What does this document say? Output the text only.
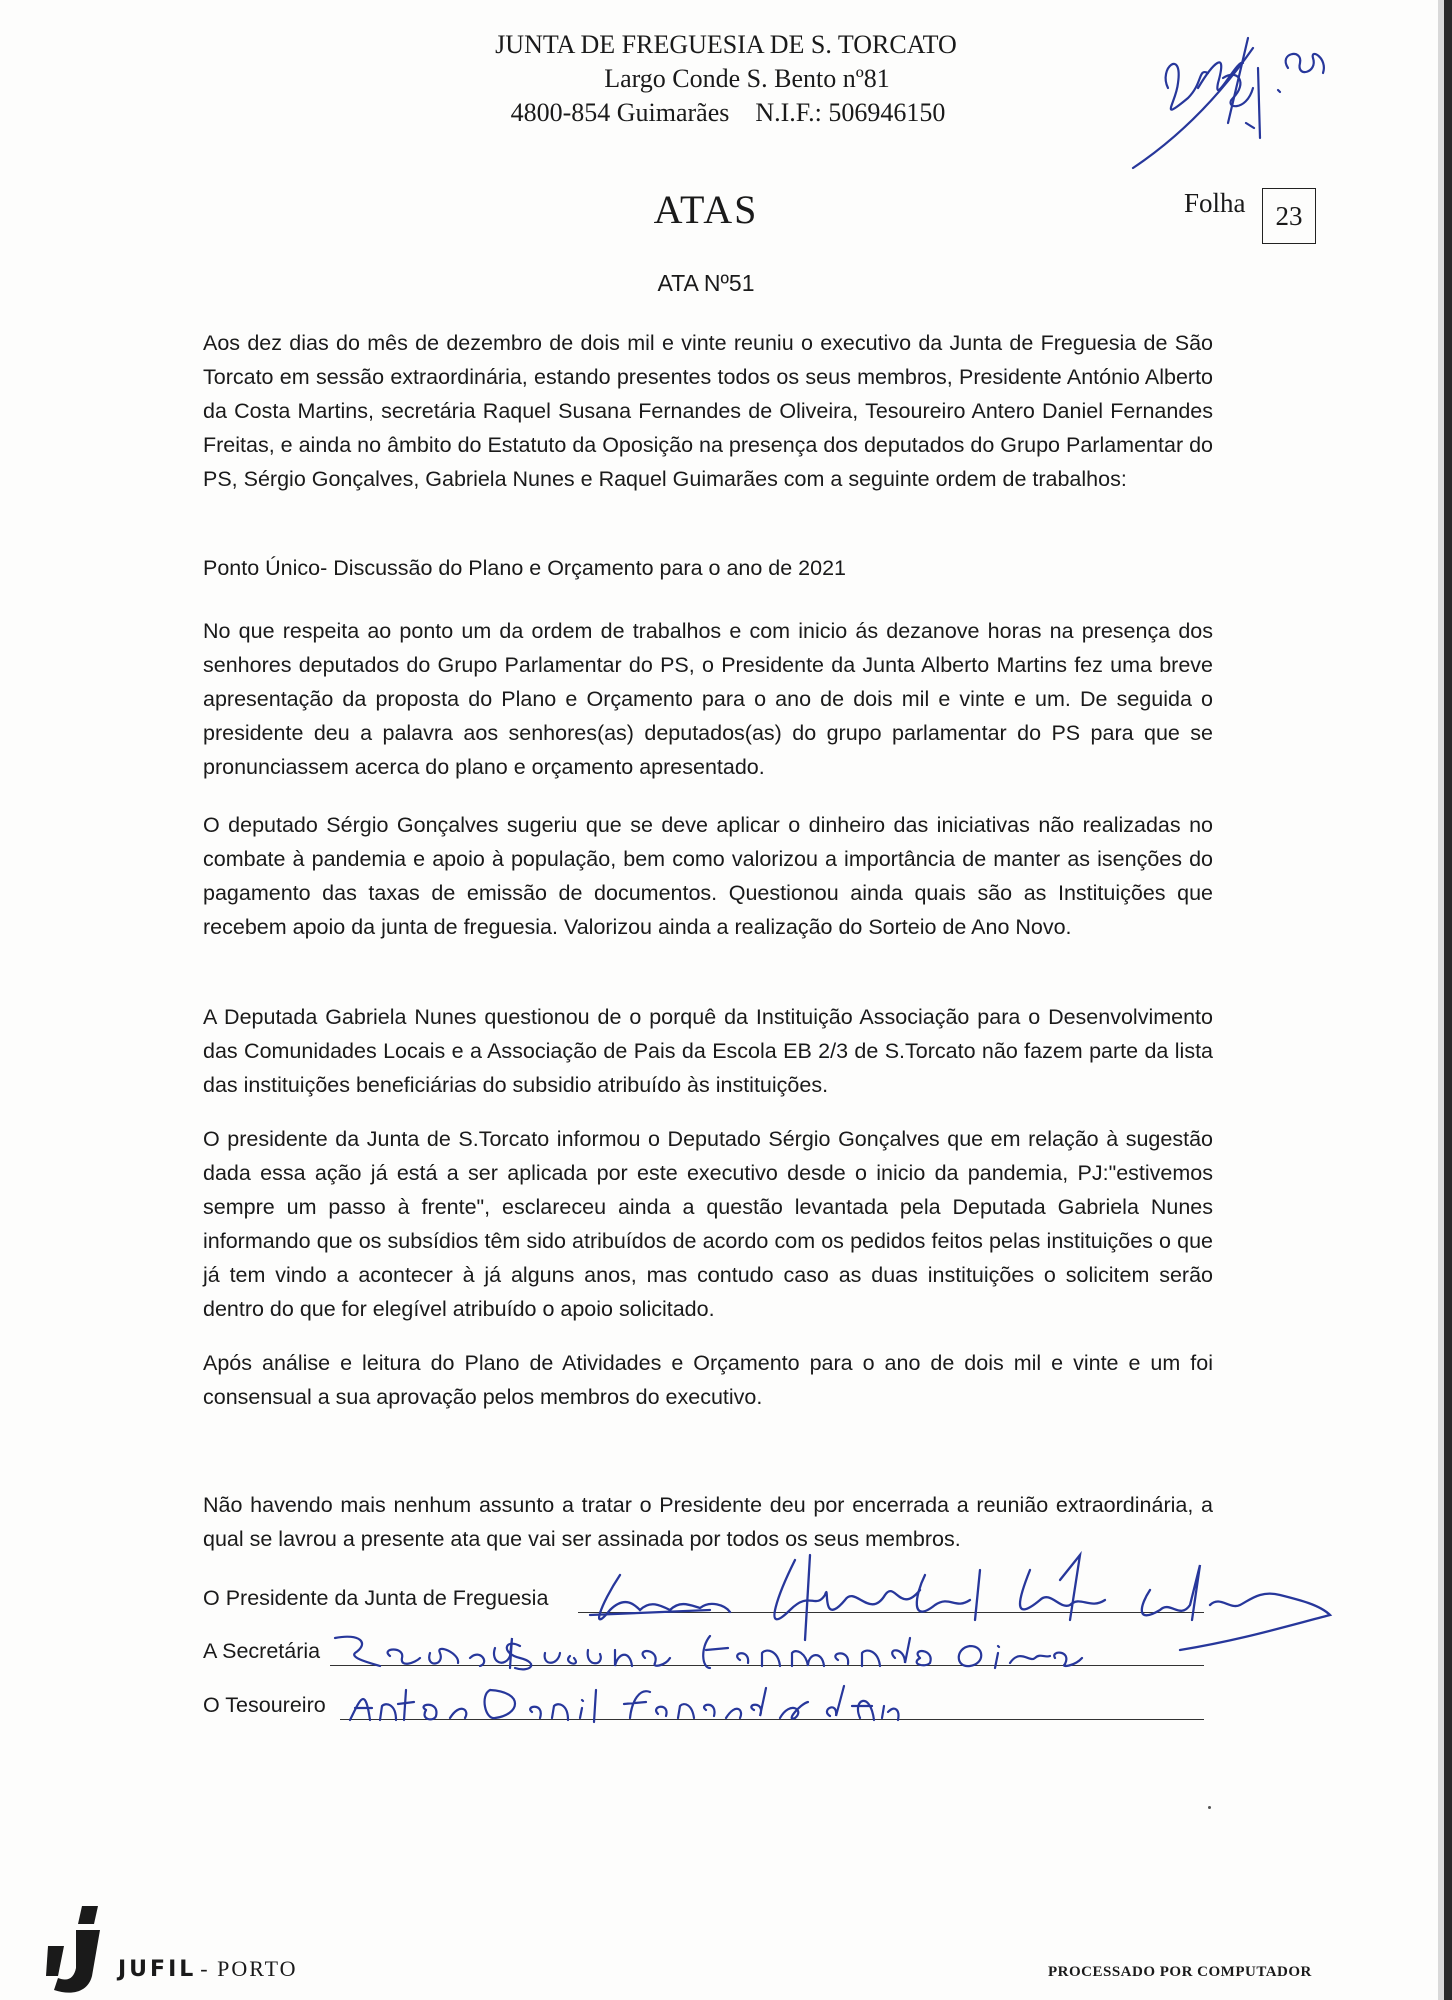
JUNTA DE FREGUESIA DE S. TORCATO
Largo Conde S. Bento nº81
4800-854 Guimarães N.I.F.: 506946150
ATAS	Folha	23
ATA Nº51

Aos dez dias do mês de dezembro de dois mil e vinte reuniu o executivo da Junta de Freguesia de São Torcato em sessão extraordinária, estando presentes todos os seus membros, Presidente António Alberto da Costa Martins, secretária Raquel Susana Fernandes de Oliveira, Tesoureiro Antero Daniel Fernandes Freitas, e ainda no âmbito do Estatuto da Oposição na presença dos deputados do Grupo Parlamentar do PS, Sérgio Gonçalves, Gabriela Nunes e Raquel Guimarães com a seguinte ordem de trabalhos:

Ponto Único- Discussão do Plano e Orçamento para o ano de 2021

No que respeita ao ponto um da ordem de trabalhos e com inicio ás dezanove horas na presença dos senhores deputados do Grupo Parlamentar do PS, o Presidente da Junta Alberto Martins fez uma breve apresentação da proposta do Plano e Orçamento para o ano de dois mil e vinte e um. De seguida o presidente deu a palavra aos senhores(as) deputados(as) do grupo parlamentar do PS para que se pronunciassem acerca do plano e orçamento apresentado.

O deputado Sérgio Gonçalves sugeriu que se deve aplicar o dinheiro das iniciativas não realizadas no combate à pandemia e apoio à população, bem como valorizou a importância de manter as isenções do pagamento das taxas de emissão de documentos. Questionou ainda quais são as Instituições que recebem apoio da junta de freguesia. Valorizou ainda a realização do Sorteio de Ano Novo.

A Deputada Gabriela Nunes questionou de o porquê da Instituição Associação para o Desenvolvimento das Comunidades Locais e a Associação de Pais da Escola EB 2/3 de S.Torcato não fazem parte da lista das instituições beneficiárias do subsidio atribuído às instituições.

O presidente da Junta de S.Torcato informou o Deputado Sérgio Gonçalves que em relação à sugestão dada essa ação já está a ser aplicada por este executivo desde o inicio da pandemia, PJ:"estivemos sempre um passo à frente", esclareceu ainda a questão levantada pela Deputada Gabriela Nunes informando que os subsídios têm sido atribuídos de acordo com os pedidos feitos pelas instituições o que já tem vindo a acontecer à já alguns anos, mas contudo caso as duas instituições o solicitem serão dentro do que for elegível atribuído o apoio solicitado.

Após análise e leitura do Plano de Atividades e Orçamento para o ano de dois mil e vinte e um foi consensual a sua aprovação pelos membros do executivo.

Não havendo mais nenhum assunto a tratar o Presidente deu por encerrada a reunião extraordinária, a qual se lavrou a presente ata que vai ser assinada por todos os seus membros.

O Presidente da Junta de Freguesia
A Secretária
O Tesoureiro
JUFIL - PORTO	PROCESSADO POR COMPUTADOR
